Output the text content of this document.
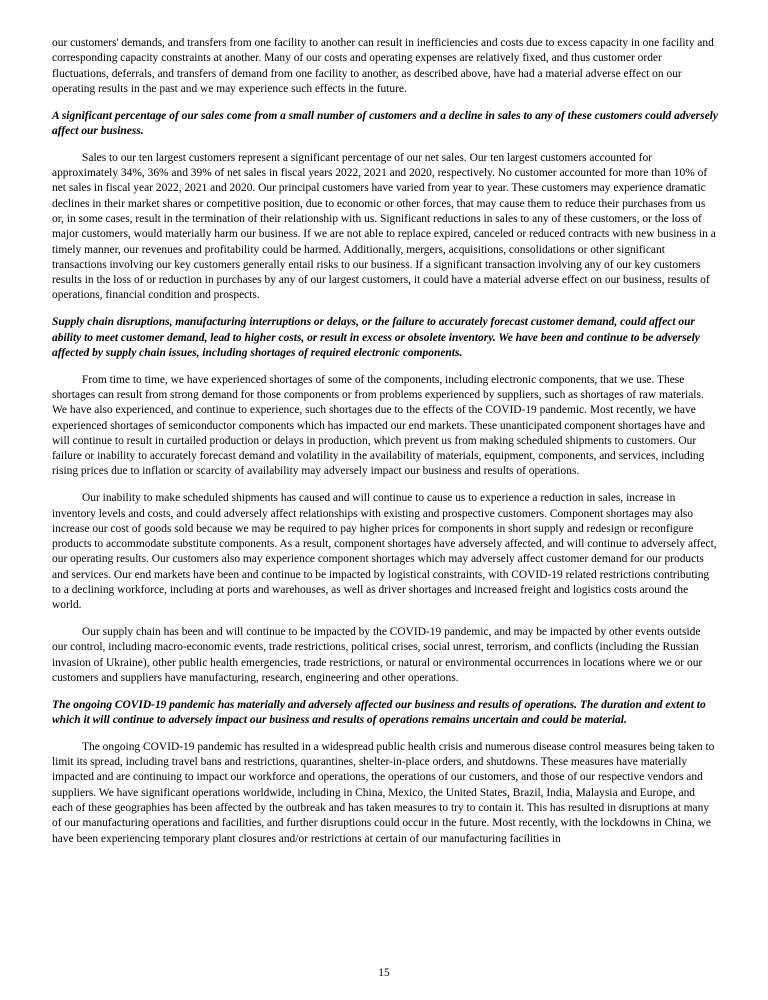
our customers' demands, and transfers from one facility to another can result in inefficiencies and costs due to excess capacity in one facility and corresponding capacity constraints at another. Many of our costs and operating expenses are relatively fixed, and thus customer order fluctuations, deferrals, and transfers of demand from one facility to another, as described above, have had a material adverse effect on our operating results in the past and we may experience such effects in the future.

A significant percentage of our sales come from a small number of customers and a decline in sales to any of these customers could adversely affect our business.

Sales to our ten largest customers represent a significant percentage of our net sales. Our ten largest customers accounted for approximately 34%, 36% and 39% of net sales in fiscal years 2022, 2021 and 2020, respectively. No customer accounted for more than 10% of net sales in fiscal year 2022, 2021 and 2020. Our principal customers have varied from year to year. These customers may experience dramatic declines in their market shares or competitive position, due to economic or other forces, that may cause them to reduce their purchases from us or, in some cases, result in the termination of their relationship with us. Significant reductions in sales to any of these customers, or the loss of major customers, would materially harm our business. If we are not able to replace expired, canceled or reduced contracts with new business in a timely manner, our revenues and profitability could be harmed. Additionally, mergers, acquisitions, consolidations or other significant transactions involving our key customers generally entail risks to our business. If a significant transaction involving any of our key customers results in the loss of or reduction in purchases by any of our largest customers, it could have a material adverse effect on our business, results of operations, financial condition and prospects.

Supply chain disruptions, manufacturing interruptions or delays, or the failure to accurately forecast customer demand, could affect our ability to meet customer demand, lead to higher costs, or result in excess or obsolete inventory. We have been and continue to be adversely affected by supply chain issues, including shortages of required electronic components.

From time to time, we have experienced shortages of some of the components, including electronic components, that we use. These shortages can result from strong demand for those components or from problems experienced by suppliers, such as shortages of raw materials. We have also experienced, and continue to experience, such shortages due to the effects of the COVID-19 pandemic. Most recently, we have experienced shortages of semiconductor components which has impacted our end markets. These unanticipated component shortages have and will continue to result in curtailed production or delays in production, which prevent us from making scheduled shipments to customers. Our failure or inability to accurately forecast demand and volatility in the availability of materials, equipment, components, and services, including rising prices due to inflation or scarcity of availability may adversely impact our business and results of operations.

Our inability to make scheduled shipments has caused and will continue to cause us to experience a reduction in sales, increase in inventory levels and costs, and could adversely affect relationships with existing and prospective customers. Component shortages may also increase our cost of goods sold because we may be required to pay higher prices for components in short supply and redesign or reconfigure products to accommodate substitute components. As a result, component shortages have adversely affected, and will continue to adversely affect, our operating results. Our customers also may experience component shortages which may adversely affect customer demand for our products and services. Our end markets have been and continue to be impacted by logistical constraints, with COVID-19 related restrictions contributing to a declining workforce, including at ports and warehouses, as well as driver shortages and increased freight and logistics costs around the world.

Our supply chain has been and will continue to be impacted by the COVID-19 pandemic, and may be impacted by other events outside our control, including macro-economic events, trade restrictions, political crises, social unrest, terrorism, and conflicts (including the Russian invasion of Ukraine), other public health emergencies, trade restrictions, or natural or environmental occurrences in locations where we or our customers and suppliers have manufacturing, research, engineering and other operations.

The ongoing COVID-19 pandemic has materially and adversely affected our business and results of operations. The duration and extent to which it will continue to adversely impact our business and results of operations remains uncertain and could be material.

The ongoing COVID-19 pandemic has resulted in a widespread public health crisis and numerous disease control measures being taken to limit its spread, including travel bans and restrictions, quarantines, shelter-in-place orders, and shutdowns. These measures have materially impacted and are continuing to impact our workforce and operations, the operations of our customers, and those of our respective vendors and suppliers. We have significant operations worldwide, including in China, Mexico, the United States, Brazil, India, Malaysia and Europe, and each of these geographies has been affected by the outbreak and has taken measures to try to contain it. This has resulted in disruptions at many of our manufacturing operations and facilities, and further disruptions could occur in the future. Most recently, with the lockdowns in China, we have been experiencing temporary plant closures and/or restrictions at certain of our manufacturing facilities in

15
